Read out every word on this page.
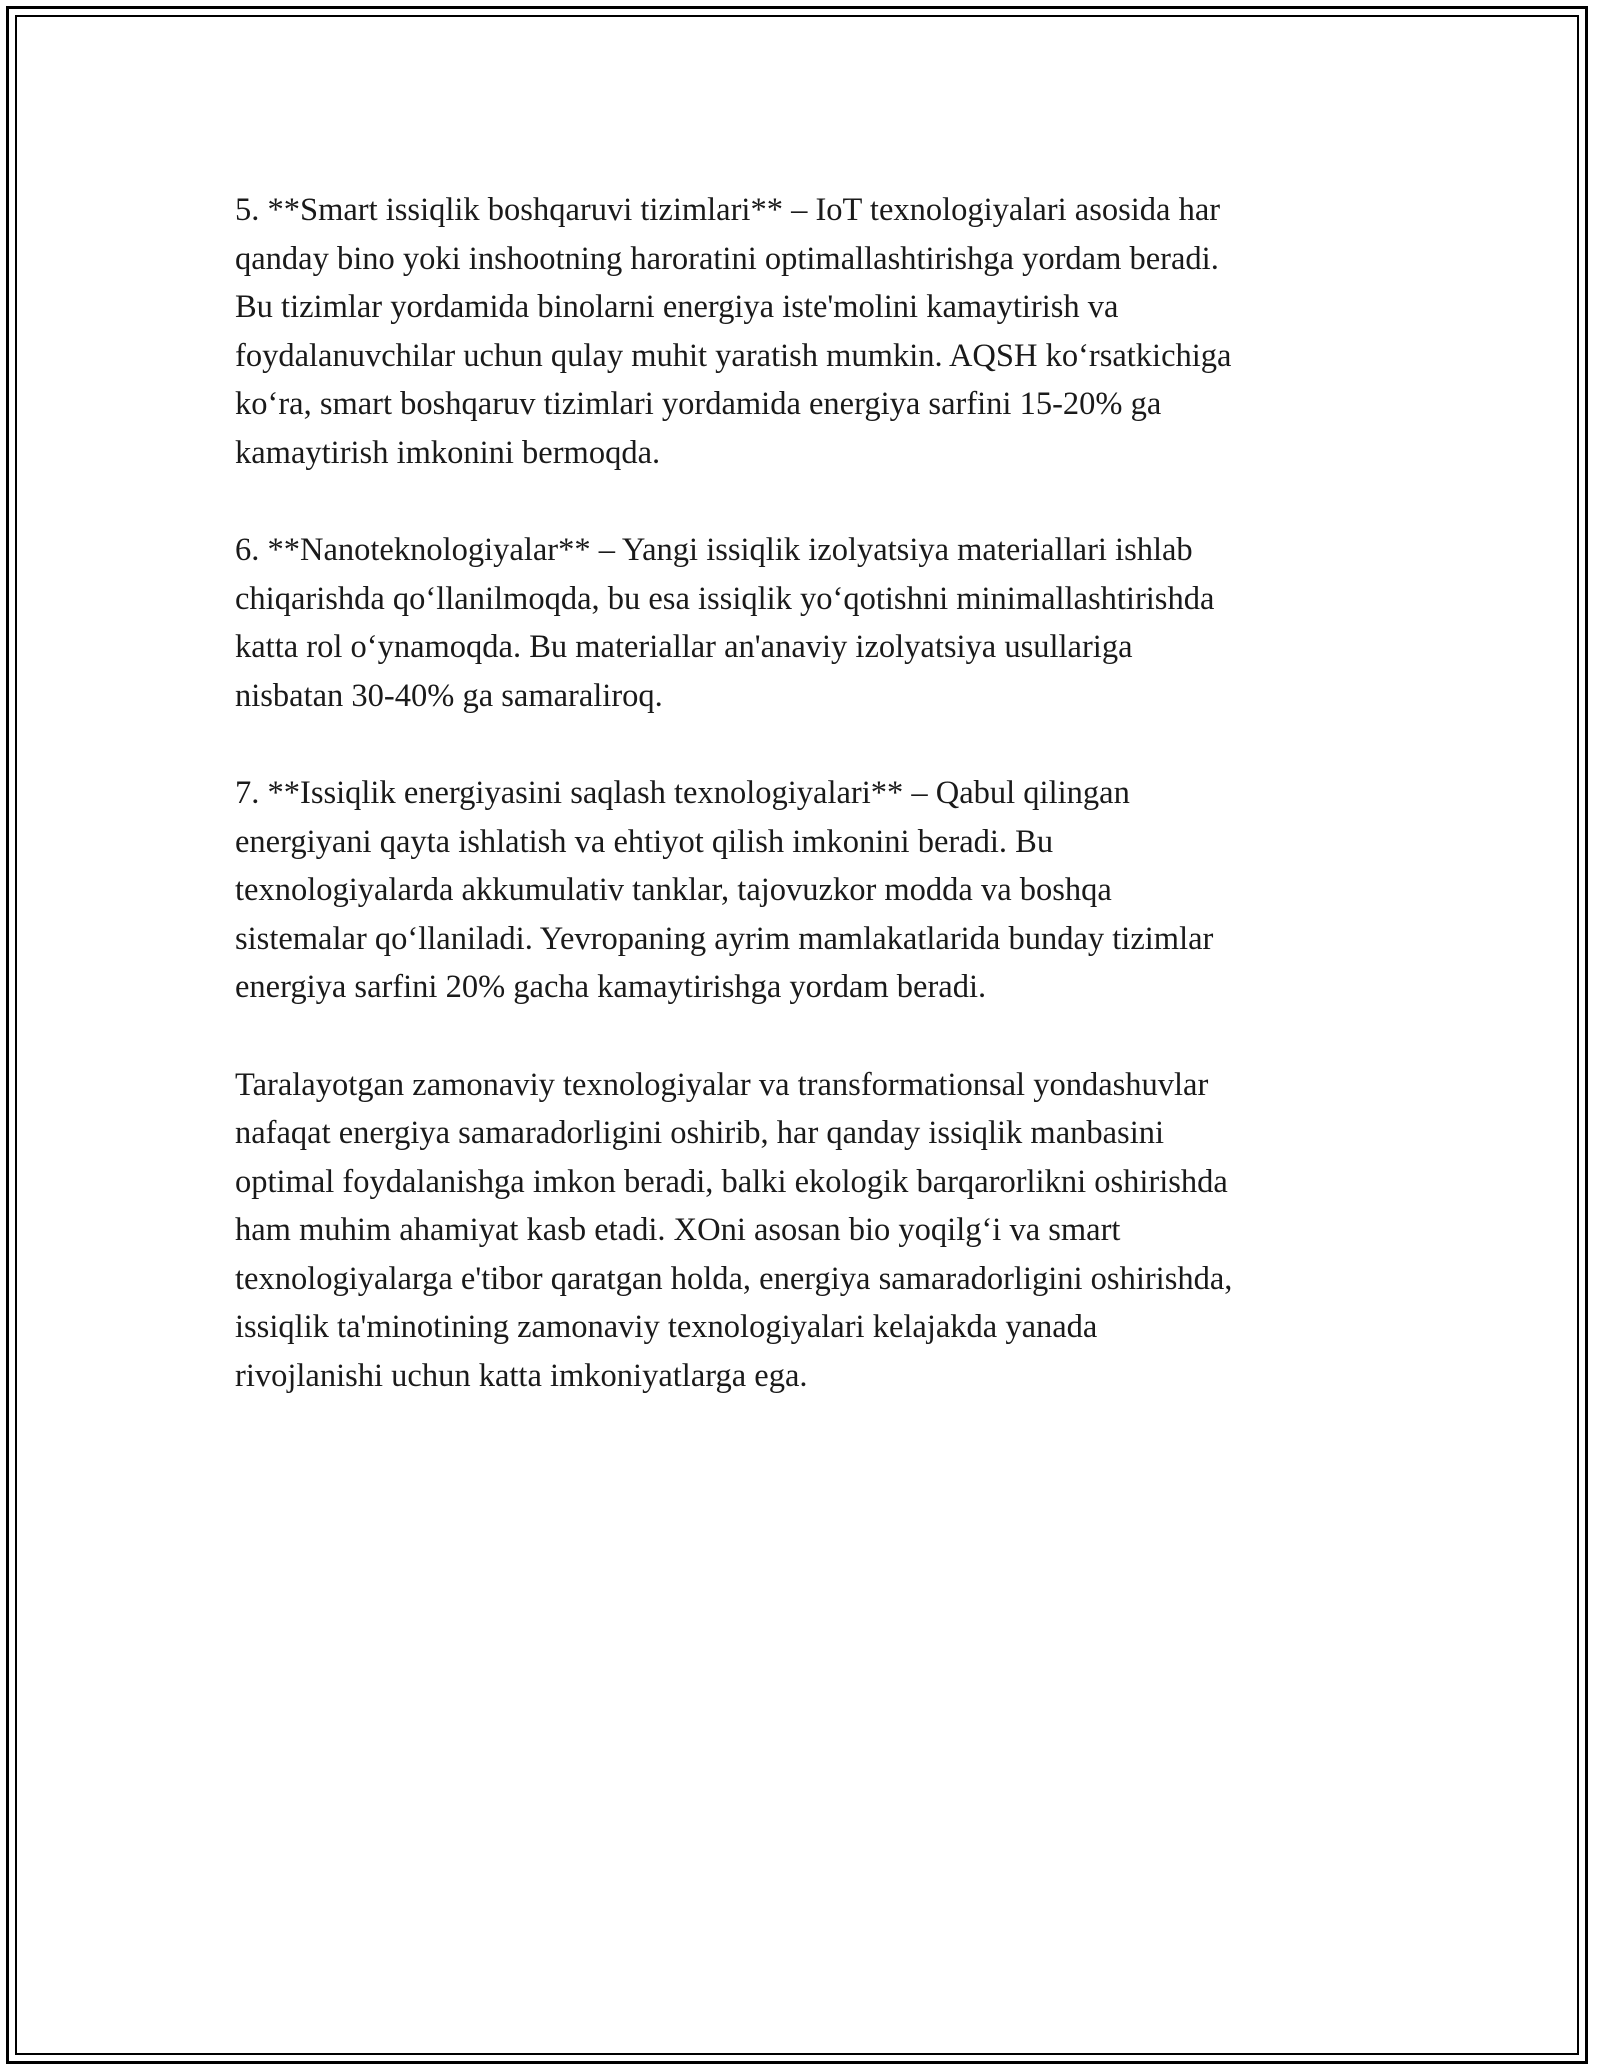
5. **Smart issiqlik boshqaruvi tizimlari** – IoT texnologiyalari asosida har
qanday bino yoki inshootning haroratini optimallashtirishga yordam beradi.
Bu tizimlar yordamida binolarni energiya iste'molini kamaytirish va
foydalanuvchilar uchun qulay muhit yaratish mumkin. AQSH ko‘rsatkichiga
ko‘ra, smart boshqaruv tizimlari yordamida energiya sarfini 15-20% ga
kamaytirish imkonini bermoqda.

6. **Nanoteknologiyalar** – Yangi issiqlik izolyatsiya materiallari ishlab
chiqarishda qo‘llanilmoqda, bu esa issiqlik yo‘qotishni minimallashtirishda
katta rol o‘ynamoqda. Bu materiallar an'anaviy izolyatsiya usullariga
nisbatan 30-40% ga samaraliroq.

7. **Issiqlik energiyasini saqlash texnologiyalari** – Qabul qilingan
energiyani qayta ishlatish va ehtiyot qilish imkonini beradi. Bu
texnologiyalarda akkumulativ tanklar, tajovuzkor modda va boshqa
sistemalar qo‘llaniladi. Yevropaning ayrim mamlakatlarida bunday tizimlar
energiya sarfini 20% gacha kamaytirishga yordam beradi.

Taralayotgan zamonaviy texnologiyalar va transformationsal yondashuvlar
nafaqat energiya samaradorligini oshirib, har qanday issiqlik manbasini
optimal foydalanishga imkon beradi, balki ekologik barqarorlikni oshirishda
ham muhim ahamiyat kasb etadi. XOni asosan bio yoqilg‘i va smart
texnologiyalarga e'tibor qaratgan holda, energiya samaradorligini oshirishda,
issiqlik ta'minotining zamonaviy texnologiyalari kelajakda yanada
rivojlanishi uchun katta imkoniyatlarga ega.
